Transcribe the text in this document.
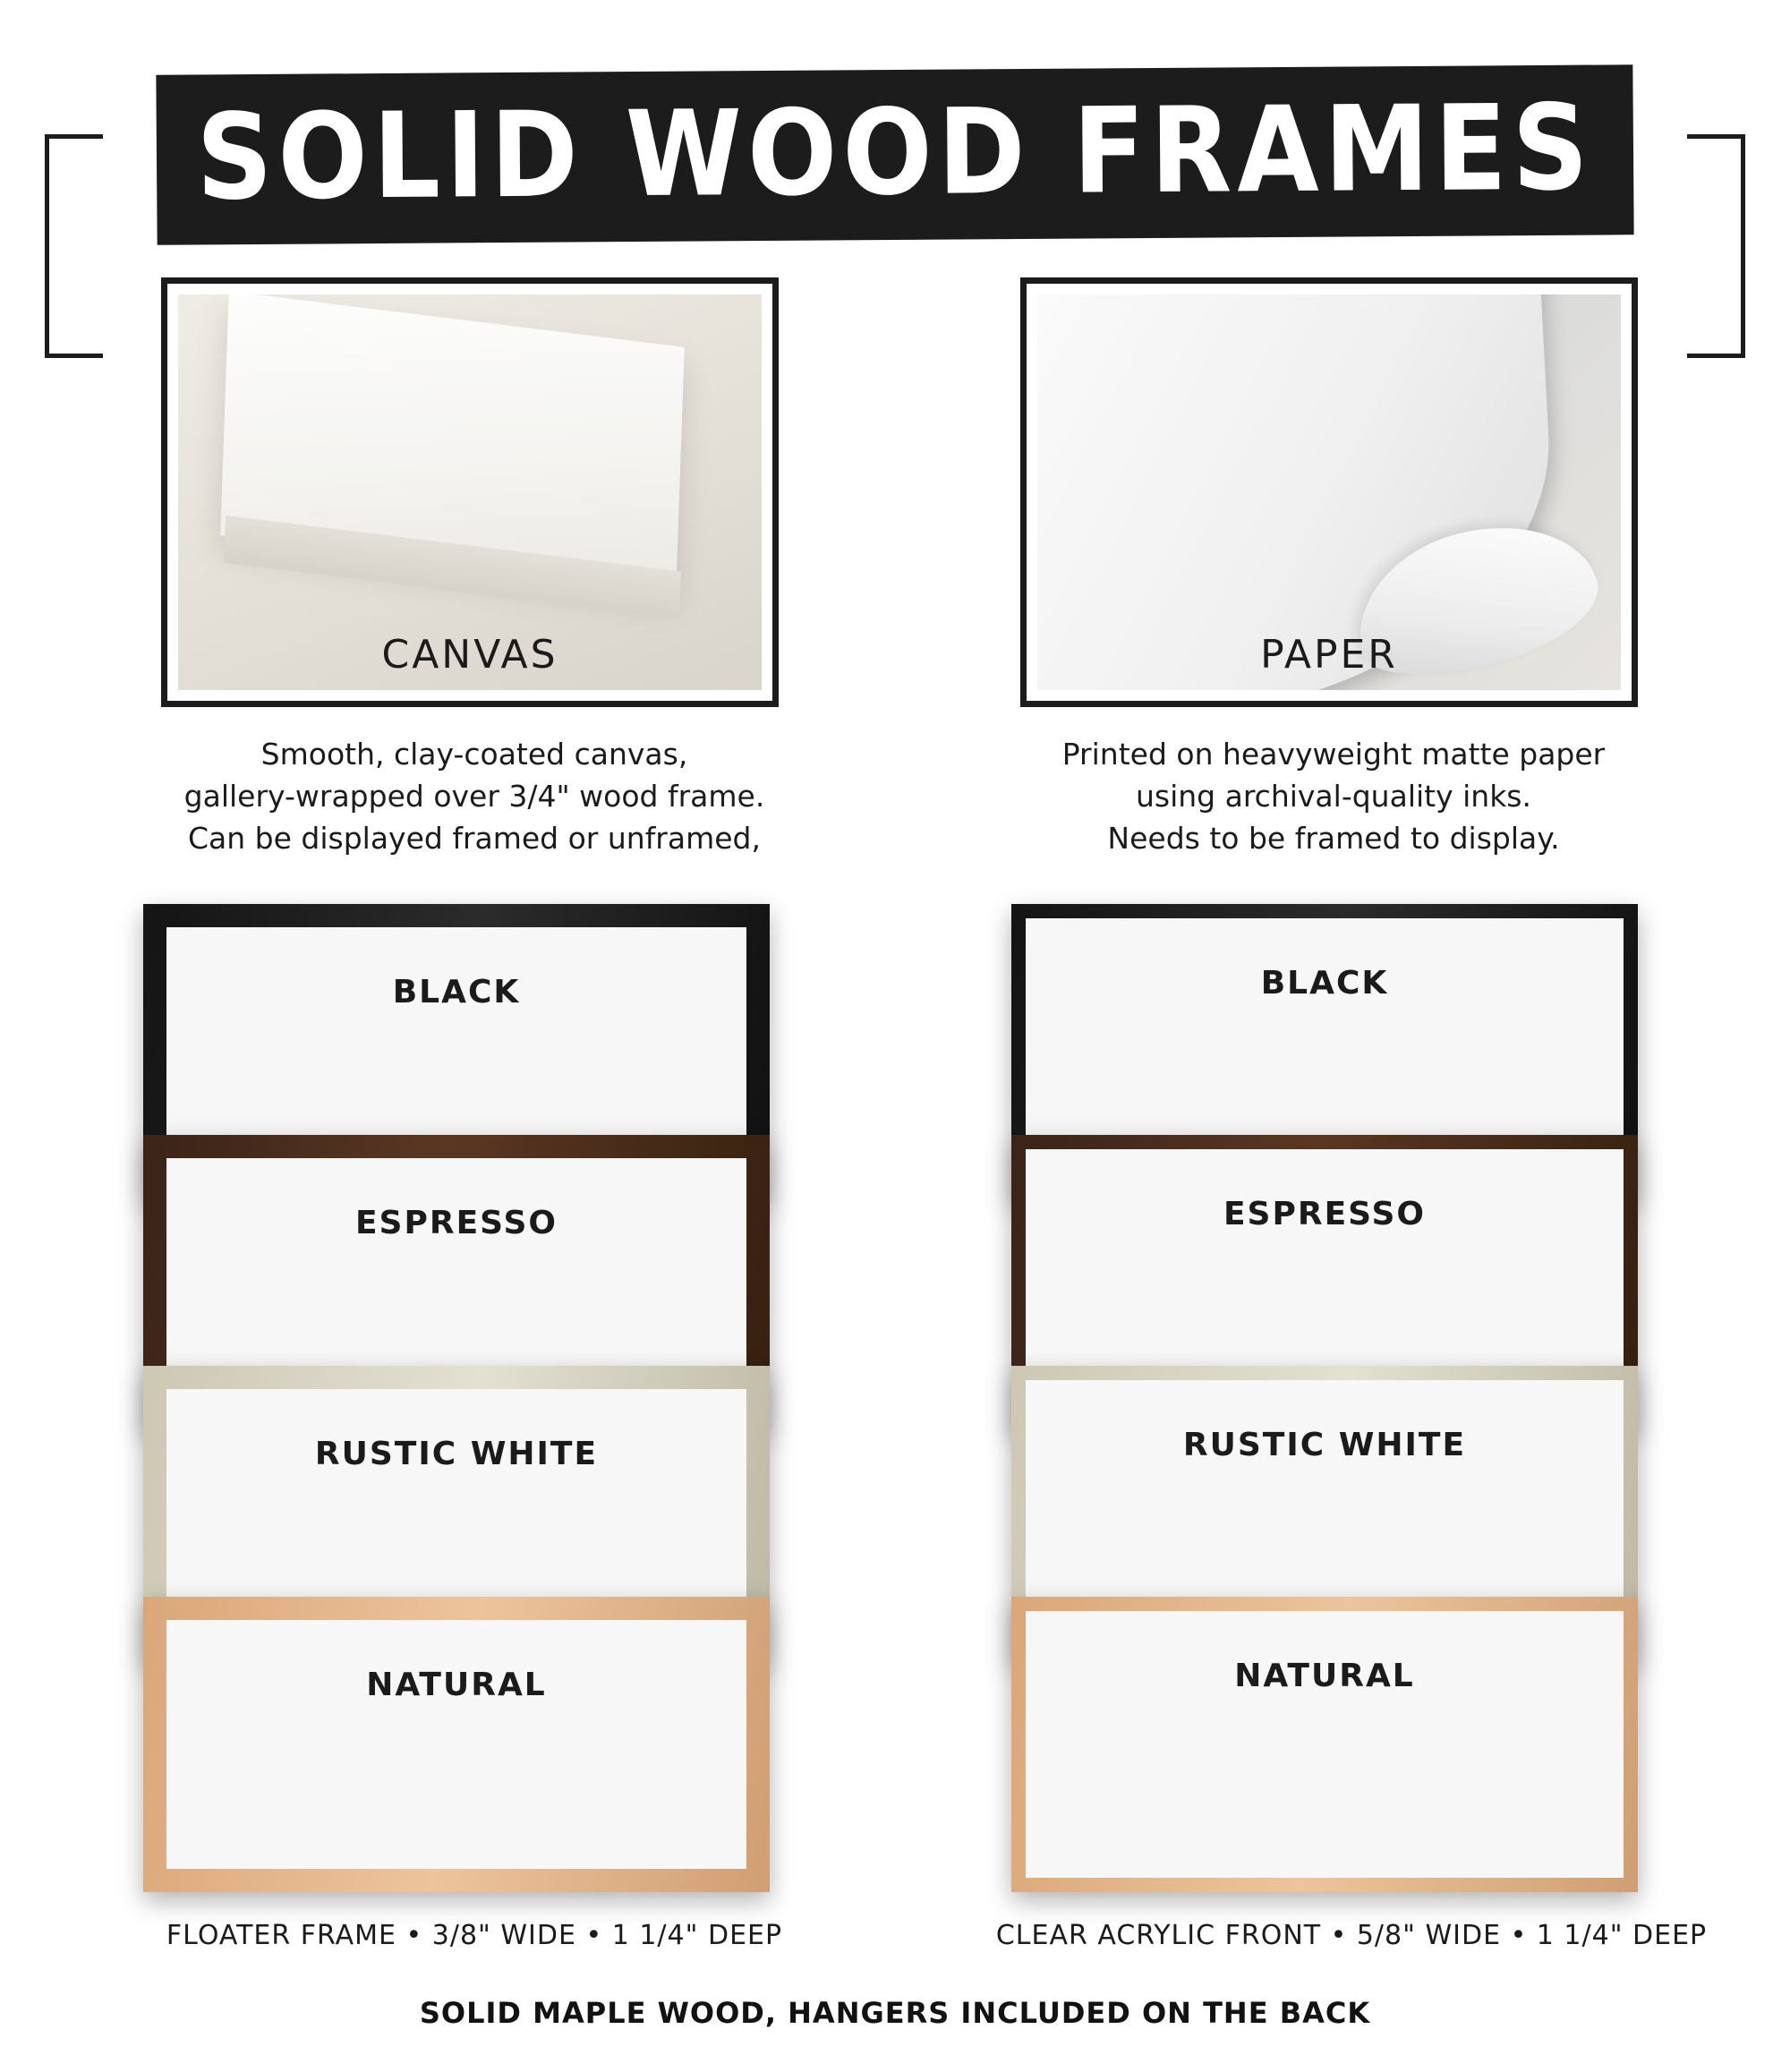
SOLID WOOD FRAMES
CANVAS	PAPER
Smooth, clay-coated canvas,
gallery-wrapped over 3/4" wood frame.
Can be displayed framed or unframed,
Printed on heavyweight matte paper
using archival-quality inks.
Needs to be framed to display.
BLACK
ESPRESSO
RUSTIC WHITE
NATURAL
BLACK
ESPRESSO
RUSTIC WHITE
NATURAL
FLOATER FRAME • 3/8" WIDE • 1 1/4" DEEP	CLEAR ACRYLIC FRONT • 5/8" WIDE • 1 1/4" DEEP
SOLID MAPLE WOOD, HANGERS INCLUDED ON THE BACK
